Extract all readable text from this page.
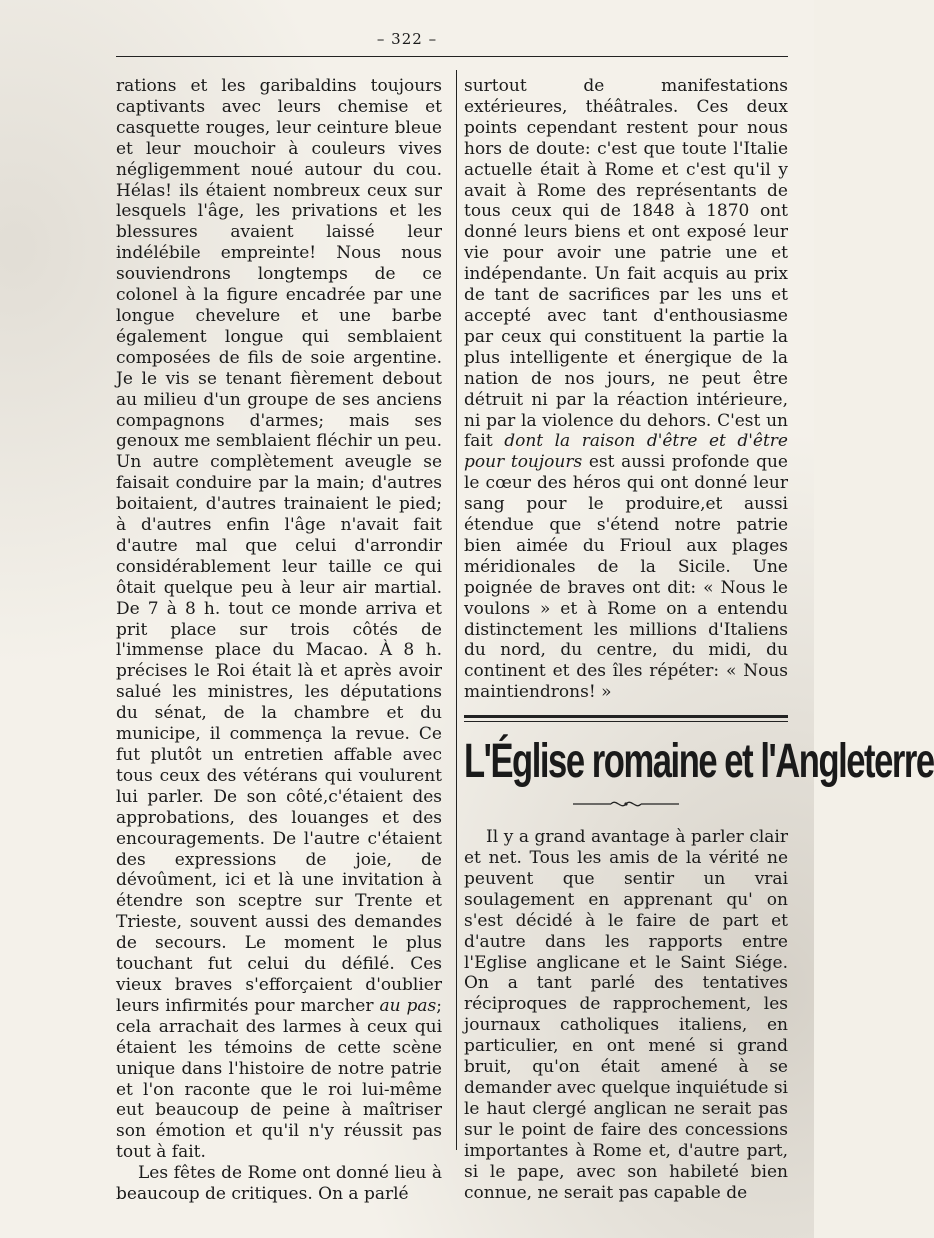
– 322 –

rations et les garibaldins toujours captivants avec leurs chemise et casquette rouges, leur ceinture bleue et leur mouchoir à couleurs vives négligemment noué autour du cou. Hélas! ils étaient nombreux ceux sur lesquels l'âge, les privations et les blessures avaient laissé leur indélébile empreinte! Nous nous souviendrons longtemps de ce colonel à la figure encadrée par une longue chevelure et une barbe également longue qui semblaient composées de fils de soie argentine. Je le vis se tenant fièrement debout au milieu d'un groupe de ses anciens compagnons d'armes; mais ses genoux me semblaient fléchir un peu. Un autre complètement aveugle se faisait conduire par la main; d'autres boitaient, d'autres trainaient le pied; à d'autres enfin l'âge n'avait fait d'autre mal que celui d'arrondir considérablement leur taille ce qui ôtait quelque peu à leur air martial. De 7 à 8 h. tout ce monde arriva et prit place sur trois côtés de l'immense place du Macao. À 8 h. précises le Roi était là et après avoir salué les ministres, les députations du sénat, de la chambre et du municipe, il commença la revue. Ce fut plutôt un entretien affable avec tous ceux des vétérans qui voulurent lui parler. De son côté,c'étaient des approbations, des louanges et des encouragements. De l'autre c'étaient des expressions de joie, de dévoûment, ici et là une invitation à étendre son sceptre sur Trente et Trieste, souvent aussi des demandes de secours. Le moment le plus touchant fut celui du défilé. Ces vieux braves s'efforçaient d'oublier leurs infirmités pour marcher au pas; cela arrachait des larmes à ceux qui étaient les témoins de cette scène unique dans l'histoire de notre patrie et l'on raconte que le roi lui-même eut beaucoup de peine à maîtriser son émotion et qu'il n'y réussit pas tout à fait.

Les fêtes de Rome ont donné lieu à beaucoup de critiques. On a parlé

surtout de manifestations extérieures, théâtrales. Ces deux points cependant restent pour nous hors de doute: c'est que toute l'Italie actuelle était à Rome et c'est qu'il y avait à Rome des représentants de tous ceux qui de 1848 à 1870 ont donné leurs biens et ont exposé leur vie pour avoir une patrie une et indépendante. Un fait acquis au prix de tant de sacrifices par les uns et accepté avec tant d'enthousiasme par ceux qui constituent la partie la plus intelligente et énergique de la nation de nos jours, ne peut être détruit ni par la réaction intérieure, ni par la violence du dehors. C'est un fait dont la raison d'être et d'être pour toujours est aussi profonde que le cœur des héros qui ont donné leur sang pour le produire,et aussi étendue que s'étend notre patrie bien aimée du Frioul aux plages méridionales de la Sicile. Une poignée de braves ont dit: « Nous le voulons » et à Rome on a entendu distinctement les millions d'Italiens du nord, du centre, du midi, du continent et des îles répéter: « Nous maintiendrons! »

L'Église romaine et l'Angleterre

Il y a grand avantage à parler clair et net. Tous les amis de la vérité ne peuvent que sentir un vrai soulagement en apprenant qu' on s'est décidé à le faire de part et d'autre dans les rapports entre l'Eglise anglicane et le Saint Siége. On a tant parlé des tentatives réciproques de rapprochement, les journaux catholiques italiens, en particulier, en ont mené si grand bruit, qu'on était amené à se demander avec quelque inquiétude si le haut clergé anglican ne serait pas sur le point de faire des concessions importantes à Rome et, d'autre part, si le pape, avec son habileté bien connue, ne serait pas capable de
